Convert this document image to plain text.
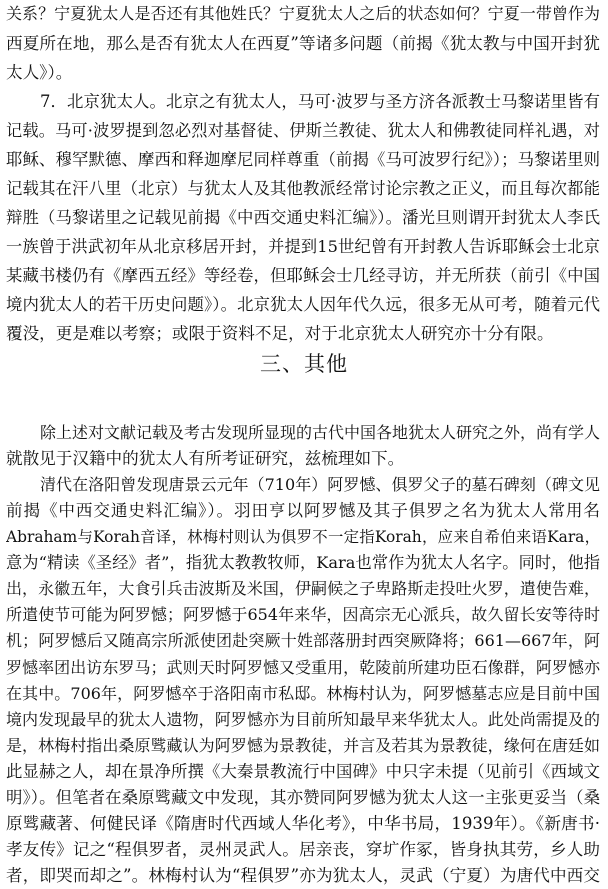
关系？宁夏犹太人是否还有其他姓氏？宁夏犹太人之后的状态如何？宁夏一带曾作为
西夏所在地，那么是否有犹太人在西夏”等诸多问题（前揭《犹太教与中国开封犹
太人》）。
7．北京犹太人。北京之有犹太人，马可·波罗与圣方济各派教士马黎诺里皆有
记载。马可·波罗提到忽必烈对基督徒、伊斯兰教徒、犹太人和佛教徒同样礼遇，对
耶稣、穆罕默德、摩西和释迦摩尼同样尊重（前揭《马可波罗行纪》）；马黎诺里则
记载其在汗八里（北京）与犹太人及其他教派经常讨论宗教之正义，而且每次都能
辩胜（马黎诺里之记载见前揭《中西交通史料汇编》）。潘光旦则谓开封犹太人李氏
一族曾于洪武初年从北京移居开封，并提到15世纪曾有开封教人告诉耶稣会士北京
某藏书楼仍有《摩西五经》等经卷，但耶稣会士几经寻访，并无所获（前引《中国
境内犹太人的若干历史问题》）。北京犹太人因年代久远，很多无从可考，随着元代
覆没，更是难以考察；或限于资料不足，对于北京犹太人研究亦十分有限。
三、其他
除上述对文献记载及考古发现所显现的古代中国各地犹太人研究之外，尚有学人
就散见于汉籍中的犹太人有所考证研究，兹梳理如下。
清代在洛阳曾发现唐景云元年（710年）阿罗憾、俱罗父子的墓石碑刻（碑文见
前揭《中西交通史料汇编》）。羽田亨以阿罗憾及其子俱罗之名为犹太人常用名
Abraham与Korah音译，林梅村则认为俱罗不一定指Korah，应来自希伯来语Kara，
意为“精读《圣经》者”，指犹太教教牧师，Kara也常作为犹太人名字。同时，他指
出，永徽五年，大食引兵击波斯及米国，伊嗣候之子卑路斯走投吐火罗，遣使告难，
所遣使节可能为阿罗憾；阿罗憾于654年来华，因高宗无心派兵，故久留长安等待时
机；阿罗憾后又随高宗所派使团赴突厥十姓部落册封西突厥降将；661—667年，阿
罗憾率团出访东罗马；武则天时阿罗憾又受重用，乾陵前所建功臣石像群，阿罗憾亦
在其中。706年，阿罗憾卒于洛阳南市私邸。林梅村认为，阿罗憾墓志应是目前中国
境内发现最早的犹太人遗物，阿罗憾亦为目前所知最早来华犹太人。此处尚需提及的
是，林梅村指出桑原骘藏认为阿罗憾为景教徒，并言及若其为景教徒，缘何在唐廷如
此显赫之人，却在景净所撰《大秦景教流行中国碑》中只字未提（见前引《西域文
明》）。但笔者在桑原骘藏文中发现，其亦赞同阿罗憾为犹太人这一主张更妥当（桑
原骘藏著、何健民译《隋唐时代西域人华化考》，中华书局，1939年）。《新唐书·
孝友传》记之“程俱罗者，灵州灵武人。居亲丧，穿圹作冢，皆身执其劳，乡人助
者，即哭而却之”。林梅村认为“程俱罗”亦为犹太人，灵武（宁夏）为唐代中西交
